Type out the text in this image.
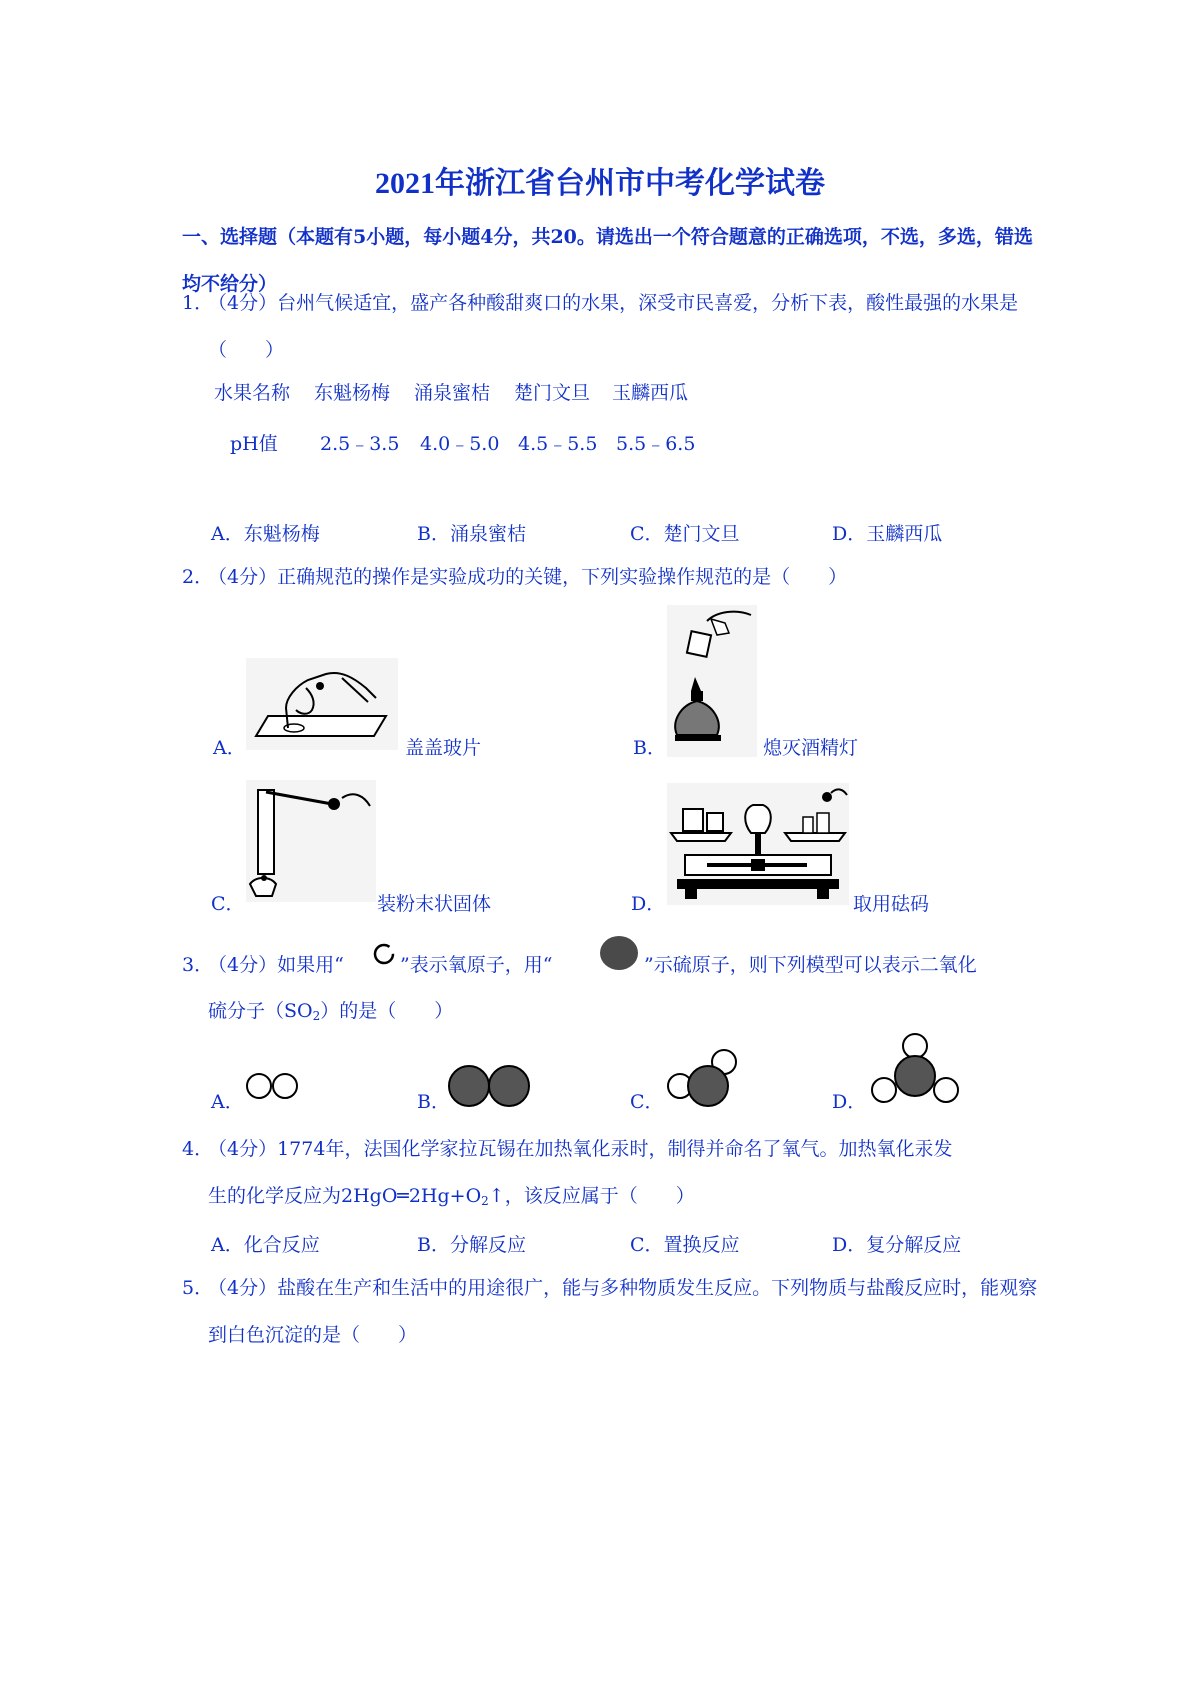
2021年浙江省台州市中考化学试卷
一、选择题（本题有5小题，每小题4分，共20。请选出一个符合题意的正确选项，不选，多选，错选均不给分）
1．
（4分）台州气候适宜，盛产各种酸甜爽口的水果，深受市民喜爱，分析下表，酸性最强的水果是（　　）
水果名称 东魁杨梅 涌泉蜜桔 楚门文旦 玉麟西瓜
pH值 2.5﹣3.5 4.0﹣5.0 4.5﹣5.5 5.5﹣6.5
A．东魁杨梅	B．涌泉蜜桔	C．楚门文旦	D．玉麟西瓜
2．
（4分）正确规范的操作是实验成功的关键，下列实验操作规范的是（　　）
A．	盖盖玻片	B．	熄灭酒精灯
C．	装粉末状固体	D．	取用砝码
3．
（4分）如果用“	”表示氧原子，用“	”示硫原子，则下列模型可以表示二氧化
硫分子$(SO_2)$的是（　　）
A．	B．	C．	D．
4．
（4分）1774年，法国化学家拉瓦锡在加热氧化汞时，制得并命名了氧气。加热氧化汞发
生的化学反应为$2HgO═2Hg+O_2↑$，该反应属于（　　）
A．化合反应	B．分解反应	C．置换反应	D．复分解反应
5．
（4分）盐酸在生产和生活中的用途很广，能与多种物质发生反应。下列物质与盐酸反应时，能观察到白色沉淀的是（　　）
